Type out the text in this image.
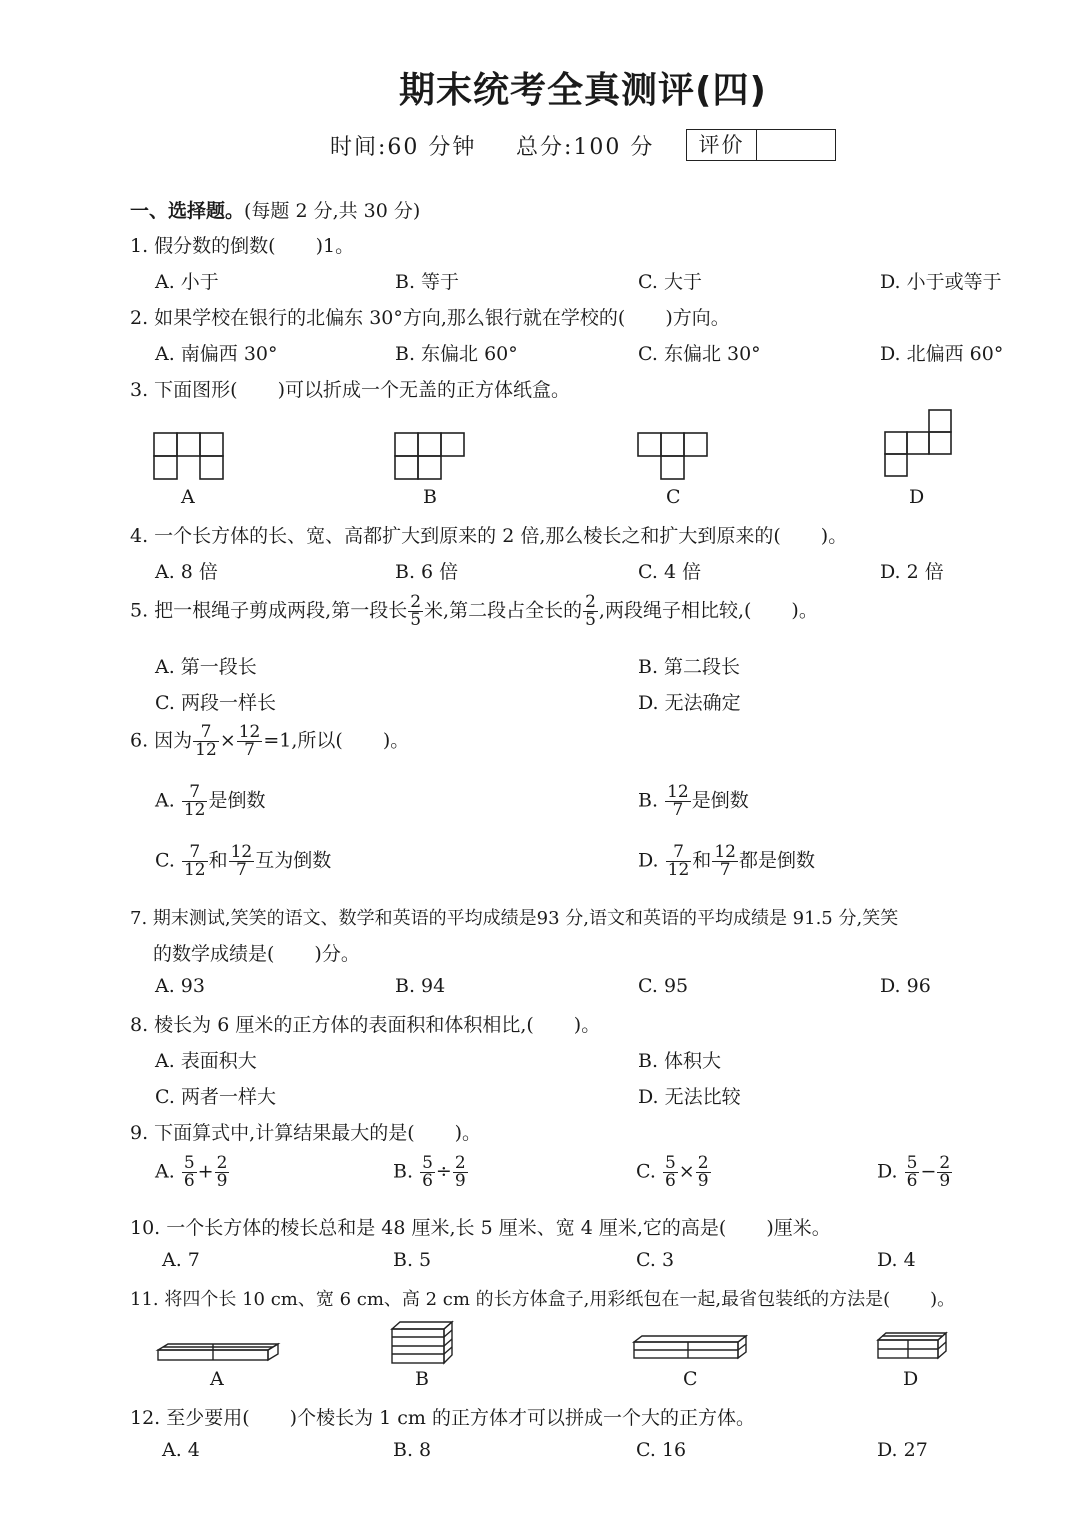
期末统考全真测评(四)
时间:60 分钟 总分:100 分	评价
一、选择题。(每题 2 分,共 30 分)
1. 假分数的倒数( )1。
A. 小于	B. 等于	C. 大于	D. 小于或等于
2. 如果学校在银行的北偏东 30°方向,那么银行就在学校的( )方向。
A. 南偏西 30°	B. 东偏北 60°	C. 东偏北 30°	D. 北偏西 60°
3. 下面图形( )可以折成一个无盖的正方体纸盒。
A	B	C	D
4. 一个长方体的长、宽、高都扩大到原来的 2 倍,那么棱长之和扩大到原来的( )。
A. 8 倍	B. 6 倍	C. 4 倍	D. 2 倍
5. 把一根绳子剪成两段,第一段长 $\frac{2}{5}$ 米,第二段占全长的 $\frac{2}{5}$ ,两段绳子相比较,( )。
A. 第一段长	B. 第二段长
C. 两段一样长	D. 无法确定
6. 因为 $\frac{7}{12} \times \frac{12}{7} =1$,所以( )。
A. $\frac{7}{12}$ 是倒数	B. $\frac{12}{7}$ 是倒数
C. $\frac{7}{12}$ 和 $\frac{12}{7}$ 互为倒数	D. $\frac{7}{12}$ 和 $\frac{12}{7}$ 都是倒数
7. 期末测试,笑笑的语文、数学和英语的平均成绩是93 分,语文和英语的平均成绩是 91.5 分,笑笑
的数学成绩是( )分。
A. 93	B. 94	C. 95	D. 96
8. 棱长为 6 厘米的正方体的表面积和体积相比,( )。
A. 表面积大	B. 体积大
C. 两者一样大	D. 无法比较
9. 下面算式中,计算结果最大的是( )。
A. $\frac{5}{6} + \frac{2}{9}$	B. $\frac{5}{6} \div \frac{2}{9}$	C. $\frac{5}{6} \times \frac{2}{9}$	D. $\frac{5}{6} - \frac{2}{9}$
10. 一个长方体的棱长总和是 48 厘米,长 5 厘米、宽 4 厘米,它的高是( )厘米。
A. 7	B. 5	C. 3	D. 4
11. 将四个长 10 cm、宽 6 cm、高 2 cm 的长方体盒子,用彩纸包在一起,最省包装纸的方法是( )。
A	B	C	D
12. 至少要用( )个棱长为 1 cm 的正方体才可以拼成一个大的正方体。
A. 4	B. 8	C. 16	D. 27
